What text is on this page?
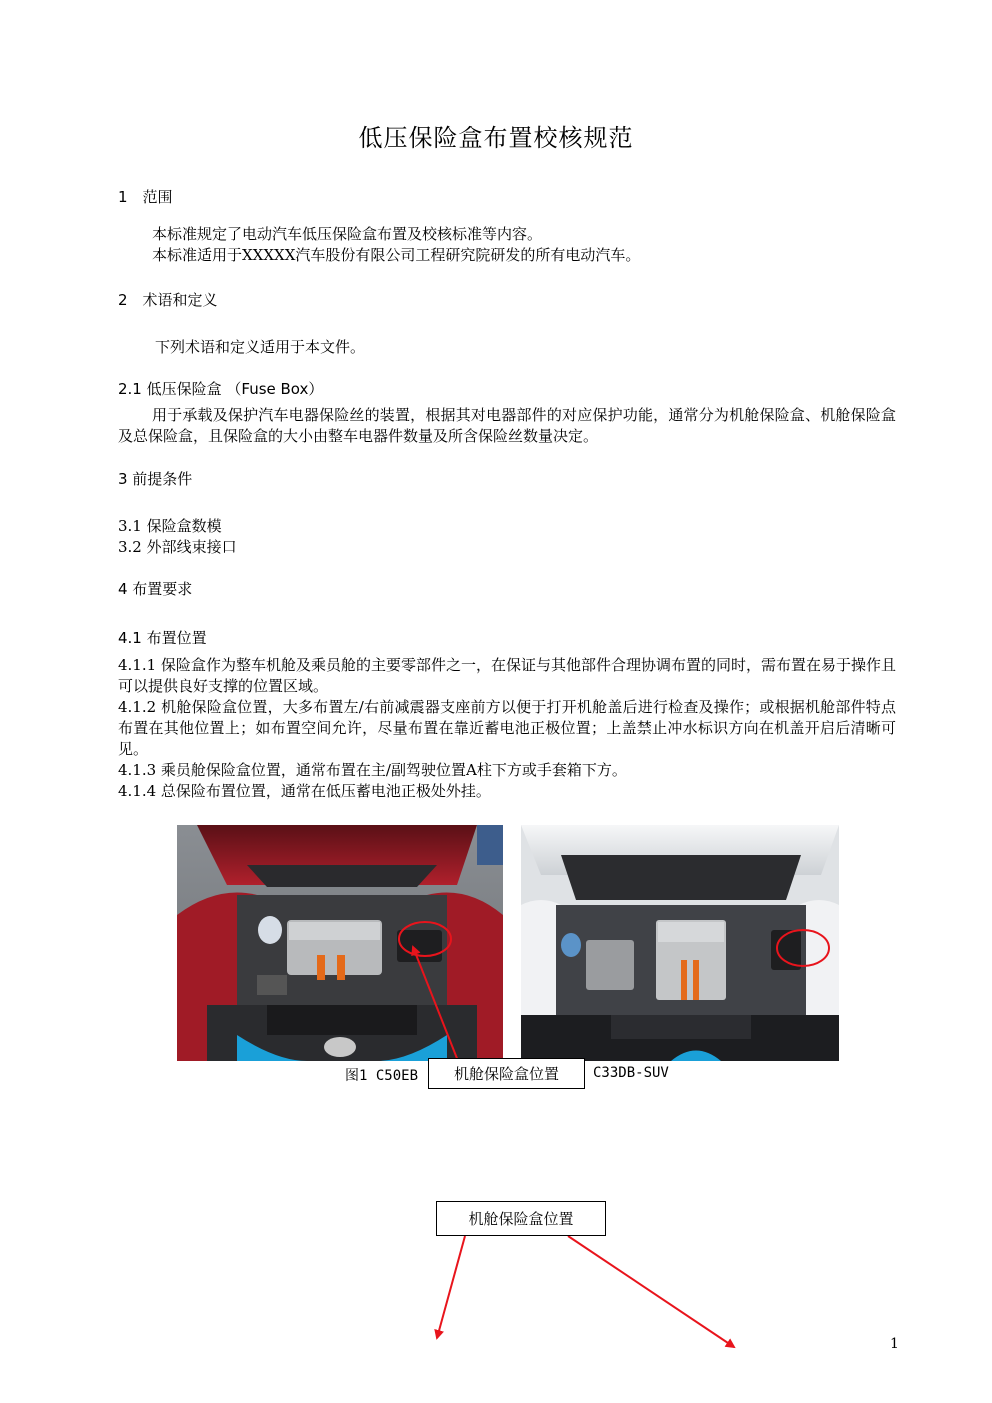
低压保险盒布置校核规范
1　范围
本标准规定了电动汽车低压保险盒布置及校核标准等内容。
本标准适用于XXXXX汽车股份有限公司工程研究院研发的所有电动汽车。
2　术语和定义
下列术语和定义适用于本文件。
2.1 低压保险盒 （Fuse Box）
用于承载及保护汽车电器保险丝的装置，根据其对电器部件的对应保护功能，通常分为机舱保险盒、机舱保险盒及总保险盒，且保险盒的大小由整车电器件数量及所含保险丝数量决定。
3 前提条件
3.1 保险盒数模
3.2 外部线束接口
4 布置要求
4.1 布置位置
4.1.1 保险盒作为整车机舱及乘员舱的主要零部件之一，在保证与其他部件合理协调布置的同时，需布置在易于操作且可以提供良好支撑的位置区域。
4.1.2 机舱保险盒位置，大多布置左/右前减震器支座前方以便于打开机舱盖后进行检查及操作；或根据机舱部件特点布置在其他位置上；如布置空间允许，尽量布置在靠近蓄电池正极位置；上盖禁止冲水标识方向在机盖开启后清晰可见。
4.1.3 乘员舱保险盒位置，通常布置在主/副驾驶位置A柱下方或手套箱下方。
4.1.4 总保险布置位置，通常在低压蓄电池正极处外挂。
图1 C50EB	C33DB-SUV
机舱保险盒位置
机舱保险盒位置
1
